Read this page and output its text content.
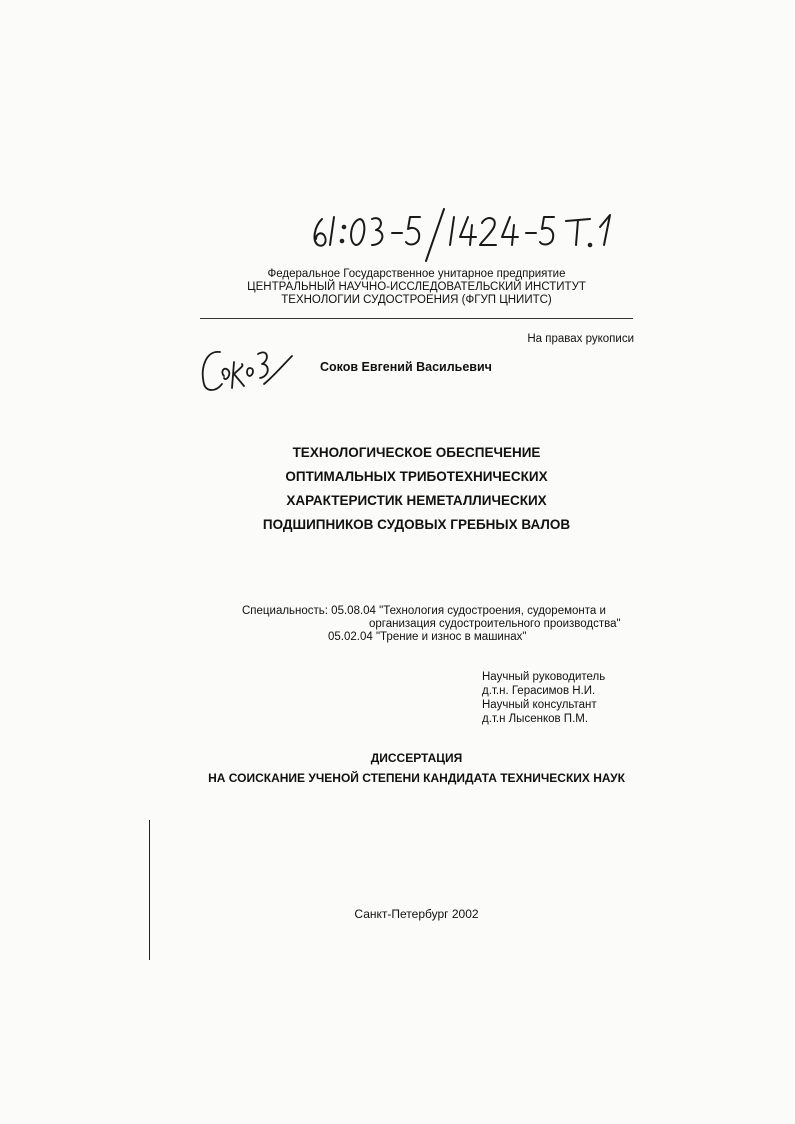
Федеральное Государственное унитарное предприятие
ЦЕНТРАЛЬНЫЙ НАУЧНО-ИССЛЕДОВАТЕЛЬСКИЙ ИНСТИТУТ
ТЕХНОЛОГИИ СУДОСТРОЕНИЯ (ФГУП ЦНИИТС)
На правах рукописи
Соков Евгений Васильевич
ТЕХНОЛОГИЧЕСКОЕ ОБЕСПЕЧЕНИЕ
ОПТИМАЛЬНЫХ ТРИБОТЕХНИЧЕСКИХ
ХАРАКТЕРИСТИК НЕМЕТАЛЛИЧЕСКИХ
ПОДШИПНИКОВ СУДОВЫХ ГРЕБНЫХ ВАЛОВ
Специальность: 05.08.04 "Технология судостроения, судоремонта и
организация судостроительного производства"
05.02.04 "Трение и износ в машинах"
Научный руководитель
д.т.н. Герасимов Н.И.
Научный консультант
д.т.н Лысенков П.М.
ДИССЕРТАЦИЯ
НА СОИСКАНИЕ УЧЕНОЙ СТЕПЕНИ КАНДИДАТА ТЕХНИЧЕСКИХ НАУК
Санкт-Петербург 2002
